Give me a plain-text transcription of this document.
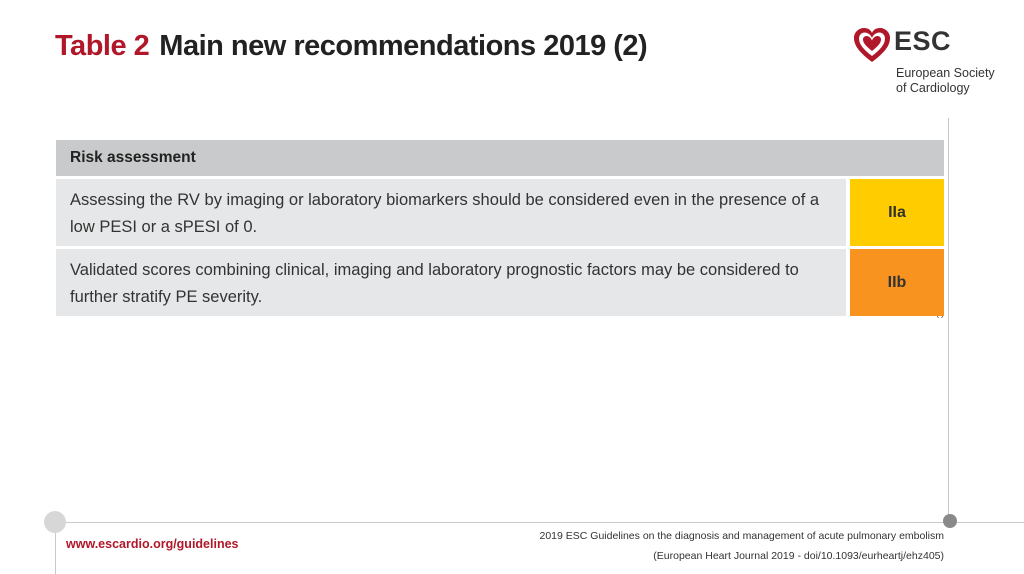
Table 2 Main new recommendations 2019 (2)	ESC
European Society
of Cardiology
Risk assessment
Assessing the RV by imaging or laboratory biomarkers should be considered even in the presence of a low PESI or a sPESI of 0.
IIa
Validated scores combining clinical, imaging and laboratory prognostic factors may be considered to further stratify PE severity.
IIb
www.escardio.org/guidelines
2019 ESC Guidelines on the diagnosis and management of acute pulmonary embolism
(European Heart Journal 2019 - doi/10.1093/eurheartj/ehz405)
